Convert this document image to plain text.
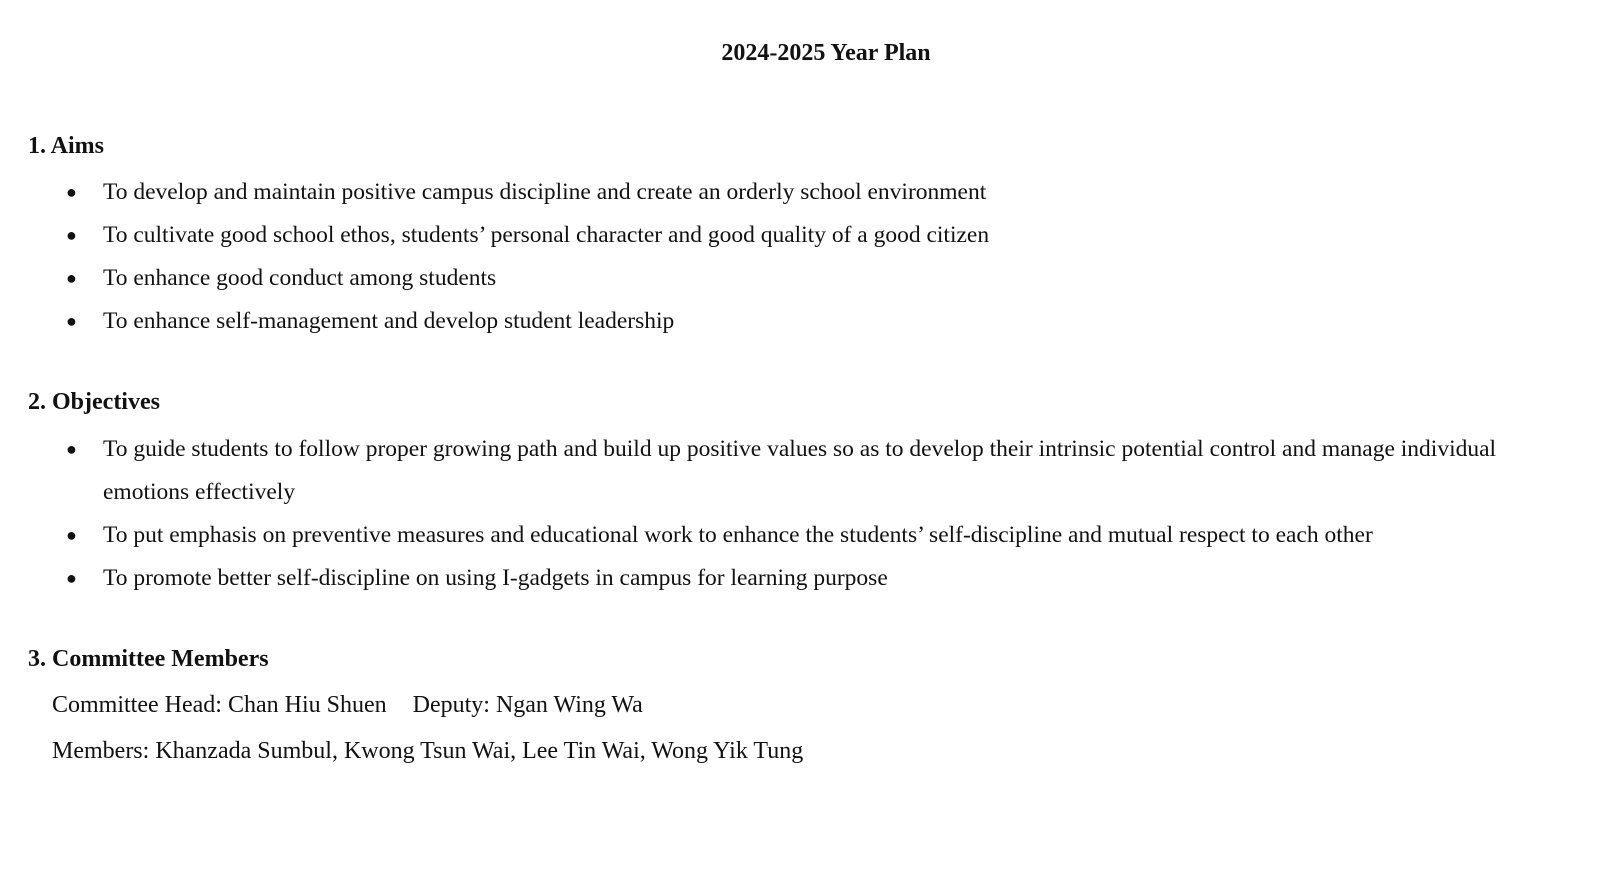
2024-2025 Year Plan
1. Aims
● To develop and maintain positive campus discipline and create an orderly school environment
● To cultivate good school ethos, students’ personal character and good quality of a good citizen
● To enhance good conduct among students
● To enhance self-management and develop student leadership
2. Objectives
● To guide students to follow proper growing path and build up positive values so as to develop their intrinsic potential control and manage individual emotions effectively
● To put emphasis on preventive measures and educational work to enhance the students’ self-discipline and mutual respect to each other
● To promote better self-discipline on using I-gadgets in campus for learning purpose
3. Committee Members

Committee Head: Chan Hiu Shuen Deputy: Ngan Wing Wa

Members: Khanzada Sumbul, Kwong Tsun Wai, Lee Tin Wai, Wong Yik Tung
